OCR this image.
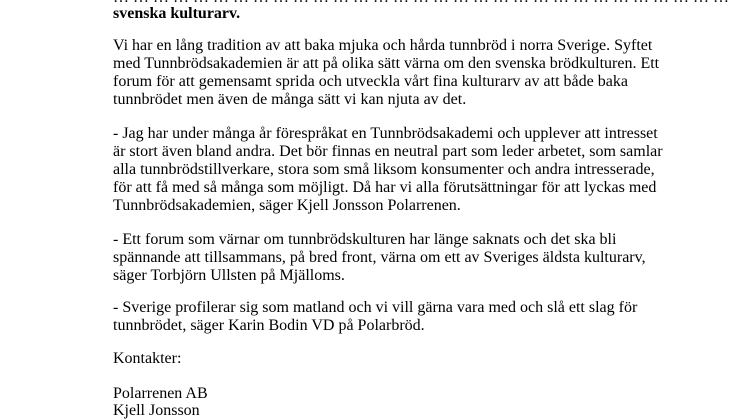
svenska kulturarv.

Vi har en lång tradition av att baka mjuka och hårda tunnbröd i norra Sverige. Syftet

med Tunnbrödsakademien är att på olika sätt värna om den svenska brödkulturen. Ett

forum för att gemensamt sprida och utveckla vårt fina kulturarv av att både baka

tunnbrödet men även de många sätt vi kan njuta av det.

- Jag har under många år förespråkat en Tunnbrödsakademi och upplever att intresset

är stort även bland andra. Det bör finnas en neutral part som leder arbetet, som samlar

alla tunnbrödstillverkare, stora som små liksom konsumenter och andra intresserade,

för att få med så många som möjligt. Då har vi alla förutsättningar för att lyckas med

Tunnbrödsakademien, säger Kjell Jonsson Polarrenen.

- Ett forum som värnar om tunnbrödskulturen har länge saknats och det ska bli

spännande att tillsammans, på bred front, värna om ett av Sveriges äldsta kulturarv,

säger Torbjörn Ullsten på Mjälloms.

- Sverige profilerar sig som matland och vi vill gärna vara med och slå ett slag för

tunnbrödet, säger Karin Bodin VD på Polarbröd.

Kontakter:

Polarrenen AB

Kjell Jonsson
